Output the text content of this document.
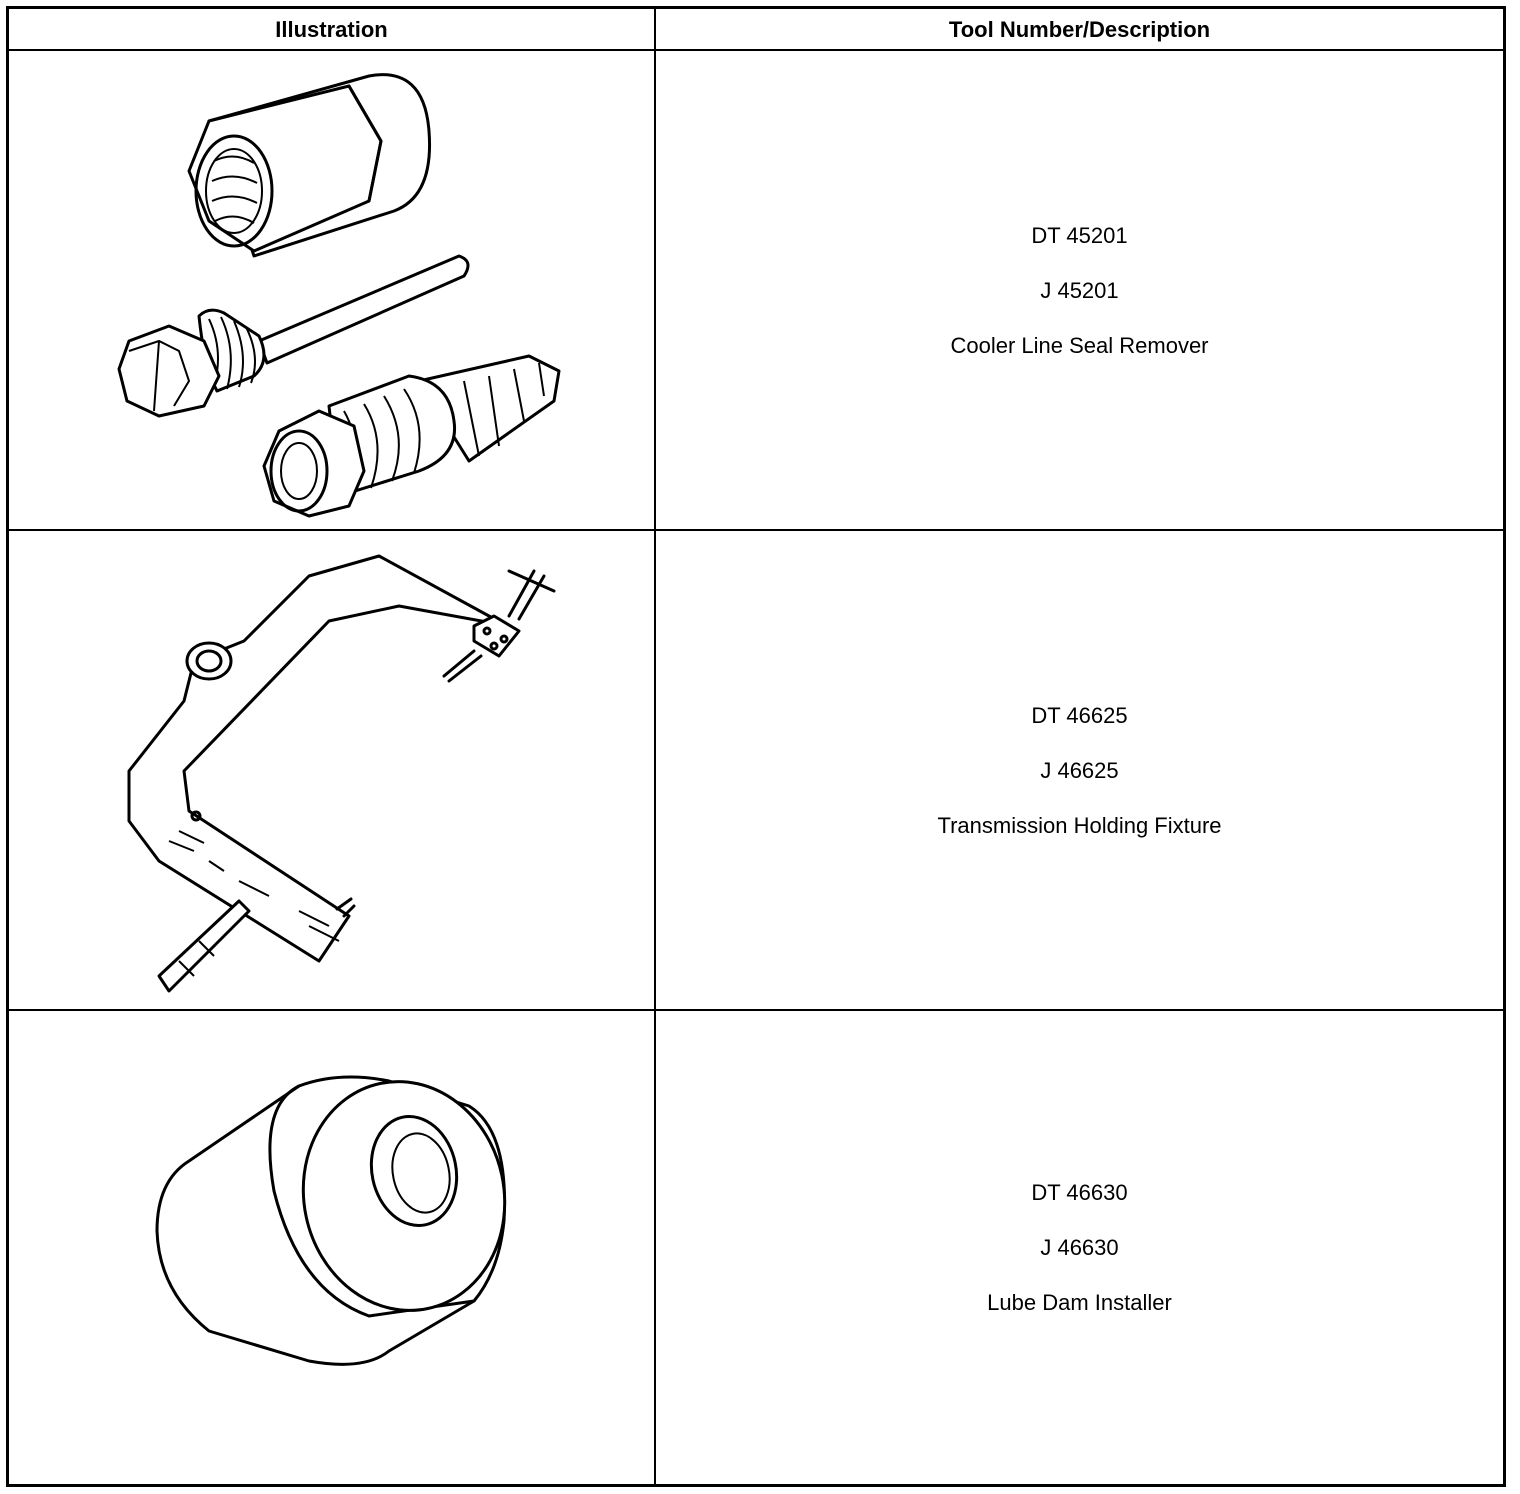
Illustration	Tool Number/Description

DT 45201

J 45201

Cooler Line Seal Remover

DT 46625

J 46625

Transmission Holding Fixture

DT 46630

J 46630

Lube Dam Installer
